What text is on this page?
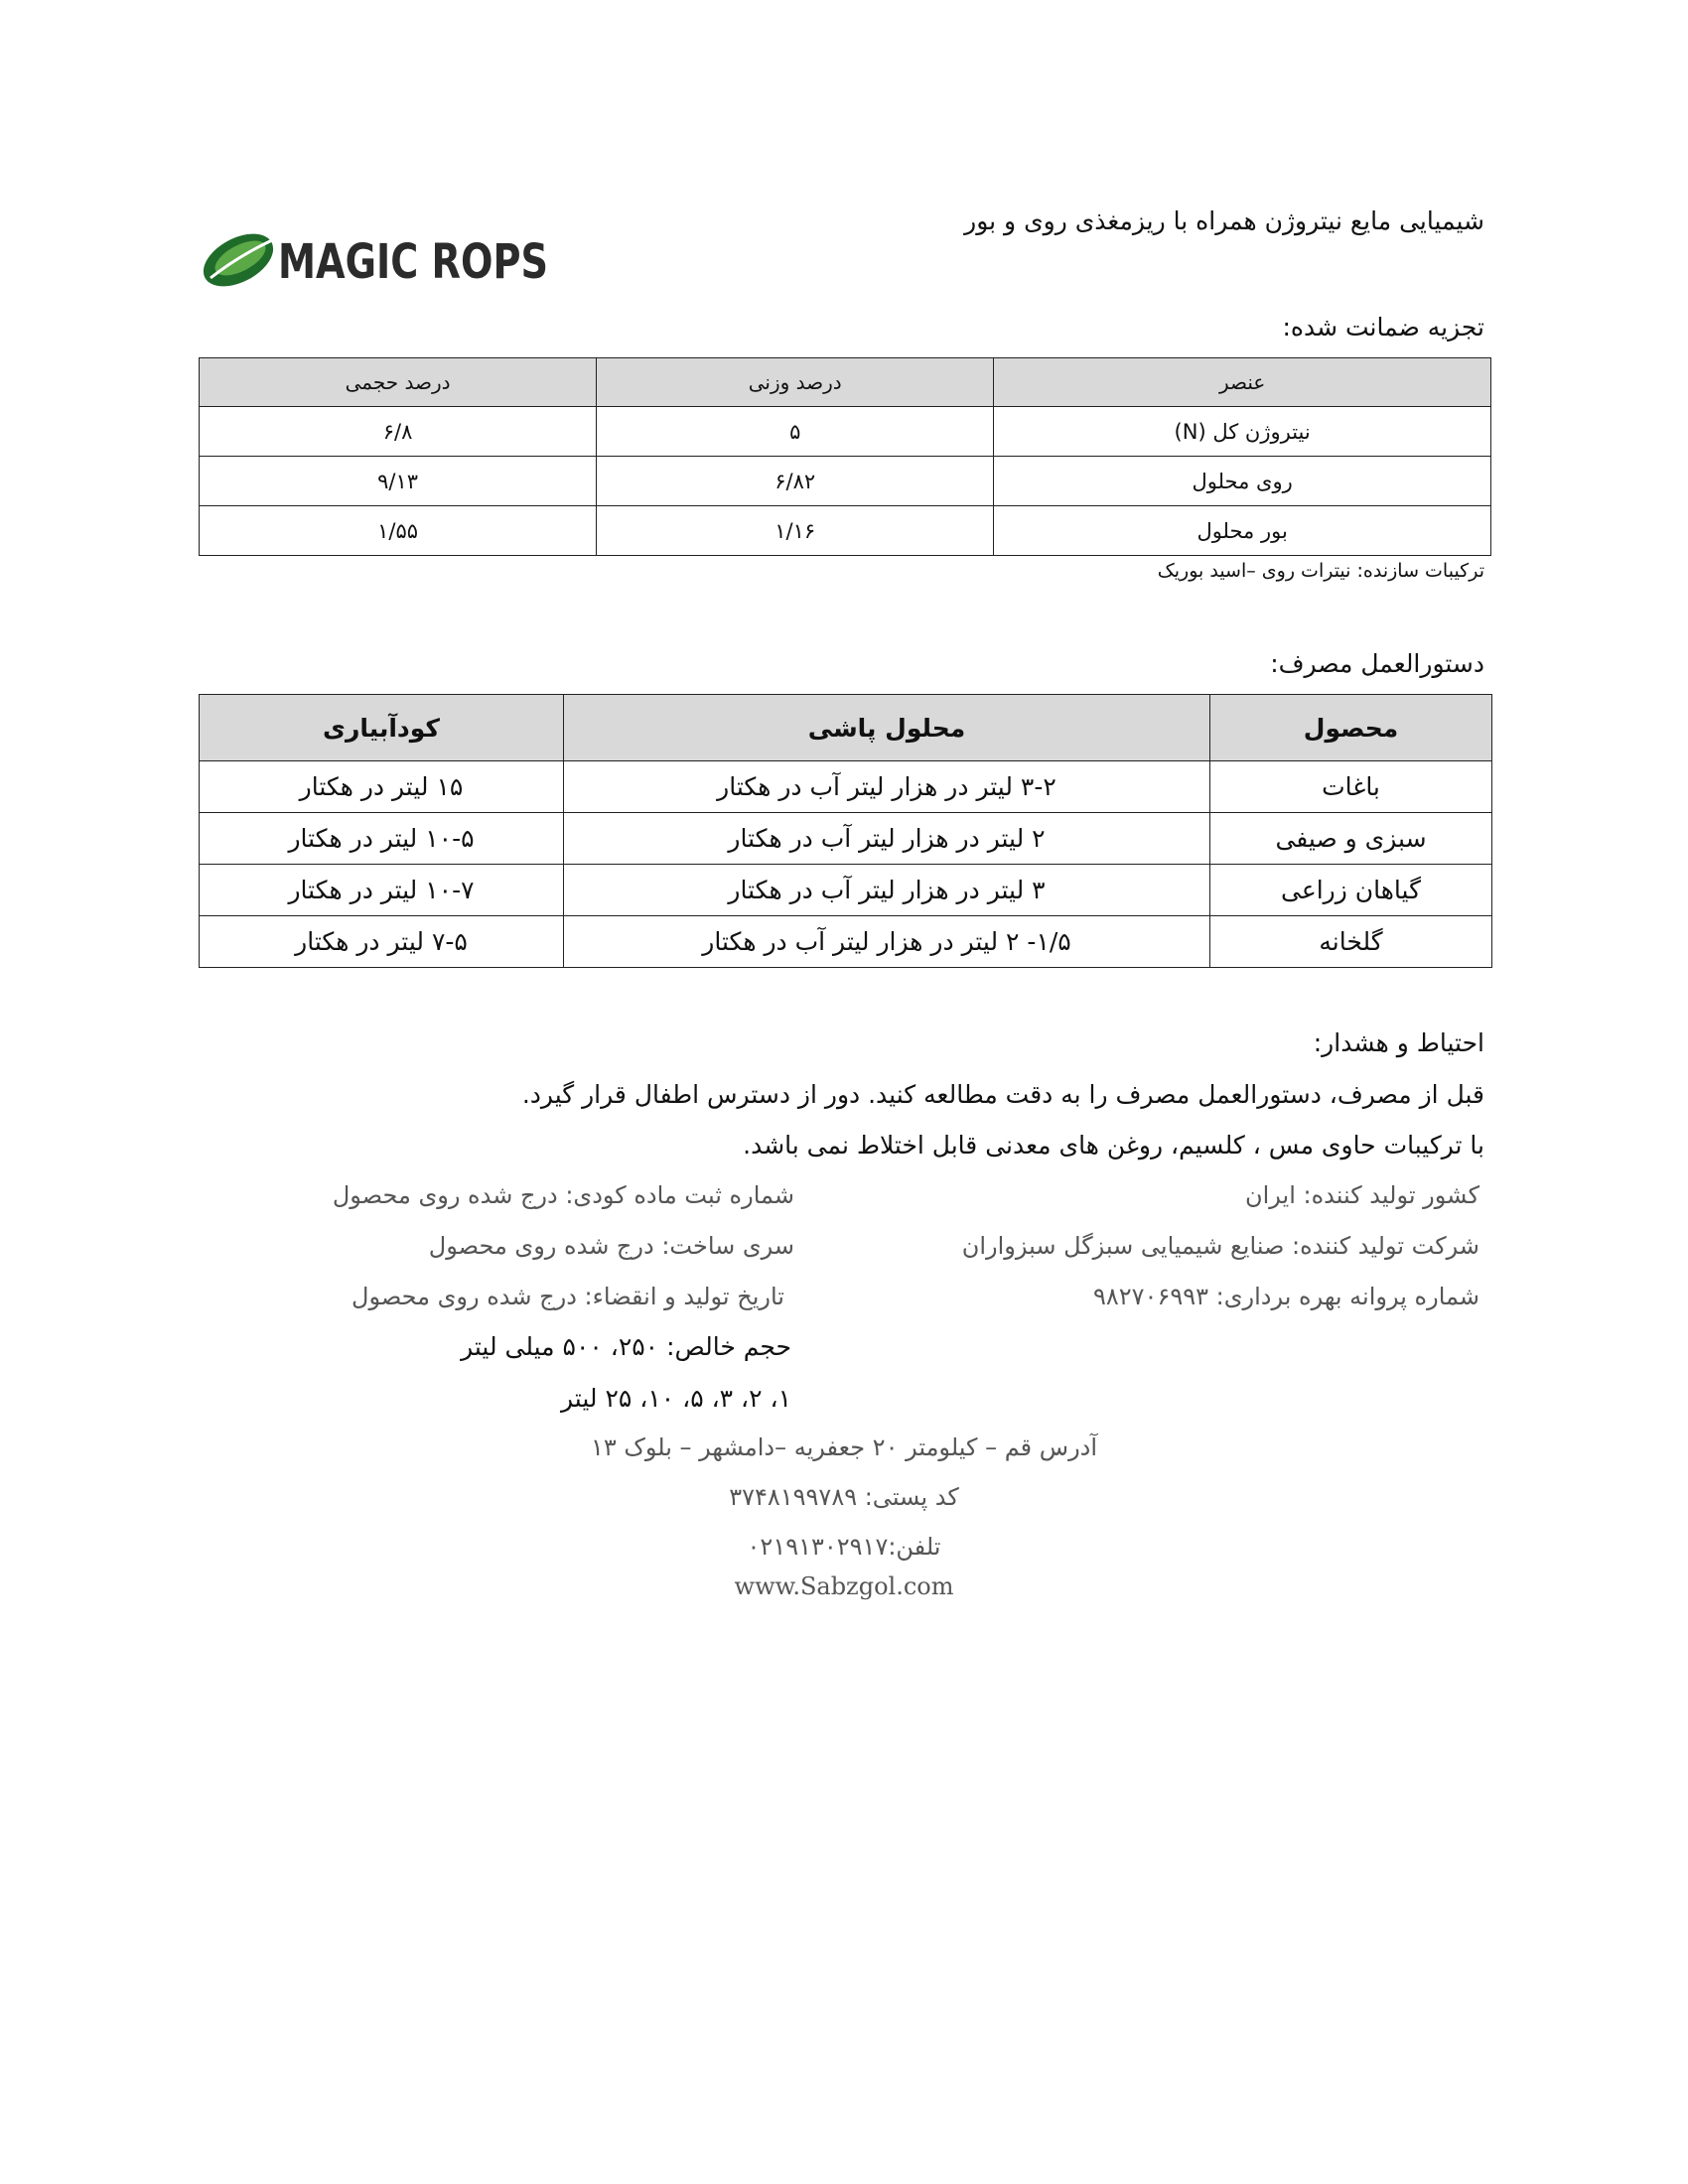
MAGIC ROPS
شیمیایی مایع نیتروژن همراه با ریزمغذی روی و بور
تجزیه ضمانت شده:
عنصر	درصد وزنی	درصد حجمی
نیتروژن کل (N)	۵	۶/۸
روی محلول	۶/۸۲	۹/۱۳
بور محلول	۱/۱۶	۱/۵۵
ترکیبات سازنده: نیترات روی –اسید بوریک
دستورالعمل مصرف:
محصول	محلول پاشی	کودآبیاری
باغات	۳-۲ لیتر در هزار لیتر آب در هکتار	۱۵ لیتر در هکتار
سبزی و صیفی	۲ لیتر در هزار لیتر آب در هکتار	۱۰-۵ لیتر در هکتار
گیاهان زراعی	۳ لیتر در هزار لیتر آب در هکتار	۱۰-۷ لیتر در هکتار
گلخانه	۱/۵- ۲ لیتر در هزار لیتر آب در هکتار	۷-۵ لیتر در هکتار
احتیاط و هشدار:
قبل از مصرف، دستورالعمل مصرف را به دقت مطالعه کنید. دور از دسترس اطفال قرار گیرد.
با ترکیبات حاوی مس ، کلسیم، روغن های معدنی قابل اختلاط نمی باشد.
کشور تولید کننده: ایران
شرکت تولید کننده: صنایع شیمیایی سبزگل سبزواران
شماره پروانه بهره برداری: ۹۸۲۷۰۶۹۹۳
شماره ثبت ماده کودی: درج شده روی محصول
سری ساخت: درج شده روی محصول
تاریخ تولید و انقضاء: درج شده روی محصول
حجم خالص: ۲۵۰، ۵۰۰ میلی لیتر
۱، ۲، ۳، ۵، ۱۰، ۲۵ لیتر
آدرس قم – کیلومتر ۲۰ جعفریه –دامشهر – بلوک ۱۳
کد پستی: ۳۷۴۸۱۹۹۷۸۹
تلفن:۰۲۱۹۱۳۰۲۹۱۷
www.Sabzgol.com
